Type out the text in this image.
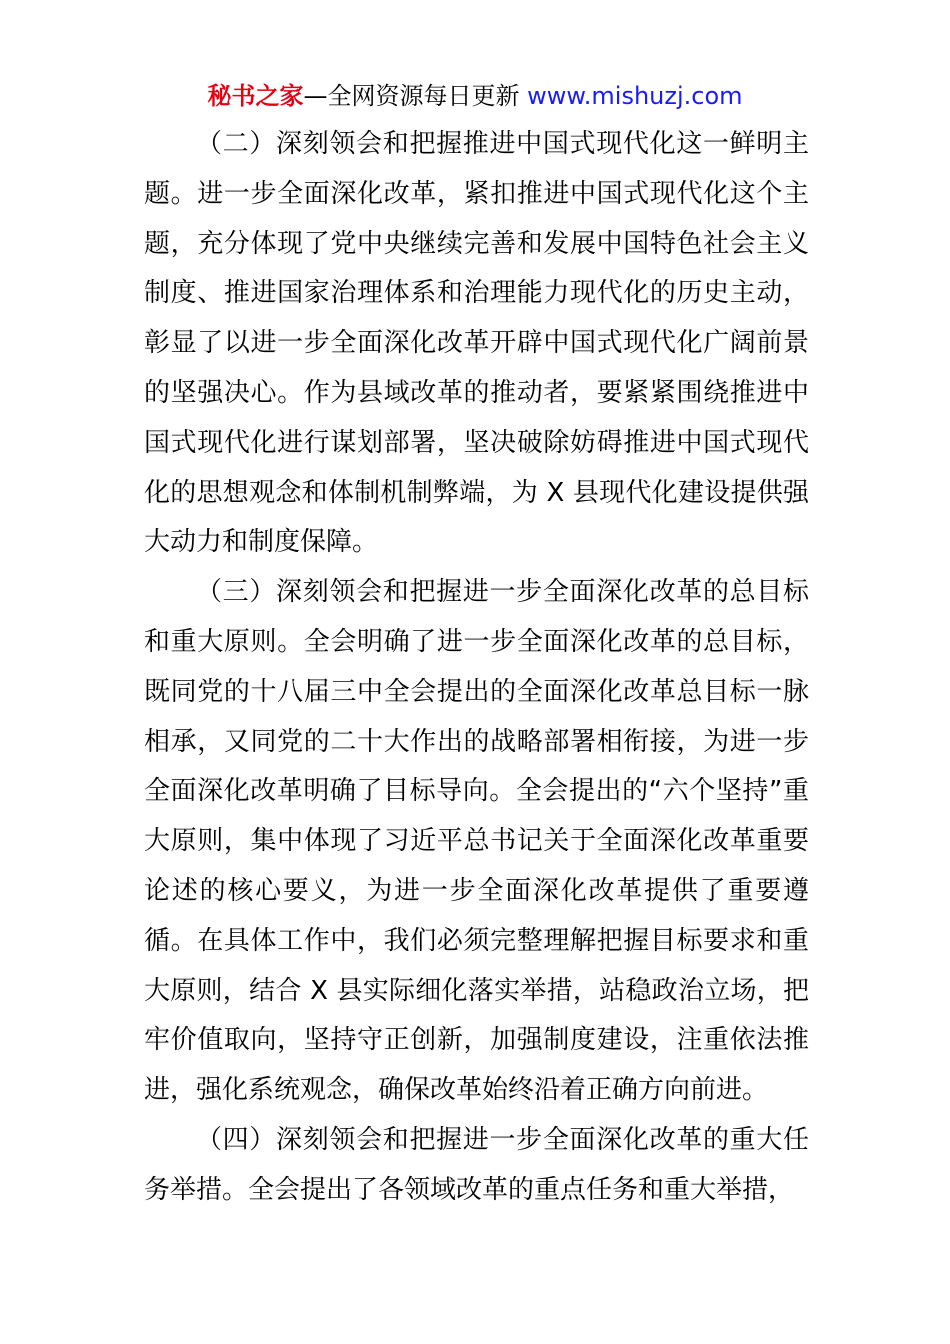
秘书之家—全网资源每日更新 www.mishuzj.com

（二）深刻领会和把握推进中国式现代化这一鲜明主题。进一步全面深化改革，紧扣推进中国式现代化这个主题，充分体现了党中央继续完善和发展中国特色社会主义制度、推进国家治理体系和治理能力现代化的历史主动，彰显了以进一步全面深化改革开辟中国式现代化广阔前景的坚强决心。作为县域改革的推动者，要紧紧围绕推进中国式现代化进行谋划部署，坚决破除妨碍推进中国式现代化的思想观念和体制机制弊端，为 X 县现代化建设提供强大动力和制度保障。

（三）深刻领会和把握进一步全面深化改革的总目标和重大原则。全会明确了进一步全面深化改革的总目标，既同党的十八届三中全会提出的全面深化改革总目标一脉相承，又同党的二十大作出的战略部署相衔接，为进一步全面深化改革明确了目标导向。全会提出的“六个坚持”重大原则，集中体现了习近平总书记关于全面深化改革重要论述的核心要义，为进一步全面深化改革提供了重要遵循。在具体工作中，我们必须完整理解把握目标要求和重大原则，结合 X 县实际细化落实举措，站稳政治立场，把牢价值取向，坚持守正创新，加强制度建设，注重依法推进，强化系统观念，确保改革始终沿着正确方向前进。

（四）深刻领会和把握进一步全面深化改革的重大任务举措。全会提出了各领域改革的重点任务和重大举措，
